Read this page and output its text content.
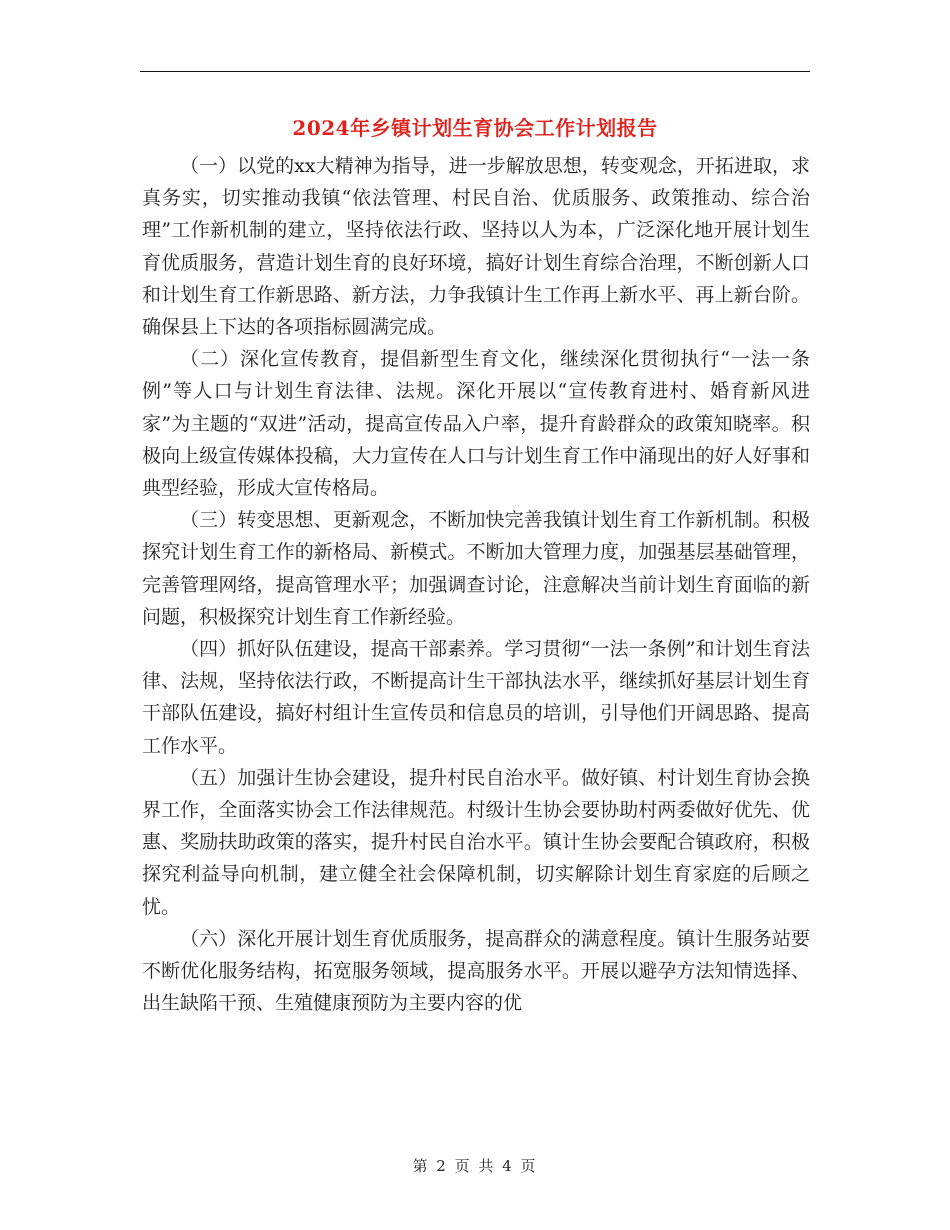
2024年乡镇计划生育协会工作计划报告

（一）以党的xx大精神为指导，进一步解放思想，转变观念，开拓进取，求真务实，切实推动我镇“依法管理、村民自治、优质服务、政策推动、综合治理”工作新机制的建立，坚持依法行政、坚持以人为本，广泛深化地开展计划生育优质服务，营造计划生育的良好环境，搞好计划生育综合治理，不断创新人口和计划生育工作新思路、新方法，力争我镇计生工作再上新水平、再上新台阶。确保县上下达的各项指标圆满完成。

（二）深化宣传教育，提倡新型生育文化，继续深化贯彻执行“一法一条例”等人口与计划生育法律、法规。深化开展以“宣传教育进村、婚育新风进家”为主题的“双进”活动，提高宣传品入户率，提升育龄群众的政策知晓率。积极向上级宣传媒体投稿，大力宣传在人口与计划生育工作中涌现出的好人好事和典型经验，形成大宣传格局。

（三）转变思想、更新观念，不断加快完善我镇计划生育工作新机制。积极探究计划生育工作的新格局、新模式。不断加大管理力度，加强基层基础管理，完善管理网络，提高管理水平；加强调查讨论，注意解决当前计划生育面临的新问题，积极探究计划生育工作新经验。

（四）抓好队伍建设，提高干部素养。学习贯彻“一法一条例”和计划生育法律、法规，坚持依法行政，不断提高计生干部执法水平，继续抓好基层计划生育干部队伍建设，搞好村组计生宣传员和信息员的培训，引导他们开阔思路、提高工作水平。

（五）加强计生协会建设，提升村民自治水平。做好镇、村计划生育协会换界工作，全面落实协会工作法律规范。村级计生协会要协助村两委做好优先、优惠、奖励扶助政策的落实，提升村民自治水平。镇计生协会要配合镇政府，积极探究利益导向机制，建立健全社会保障机制，切实解除计划生育家庭的后顾之忧。

（六）深化开展计划生育优质服务，提高群众的满意程度。镇计生服务站要不断优化服务结构，拓宽服务领域，提高服务水平。开展以避孕方法知情选择、出生缺陷干预、生殖健康预防为主要内容的优

第 2 页 共 4 页
